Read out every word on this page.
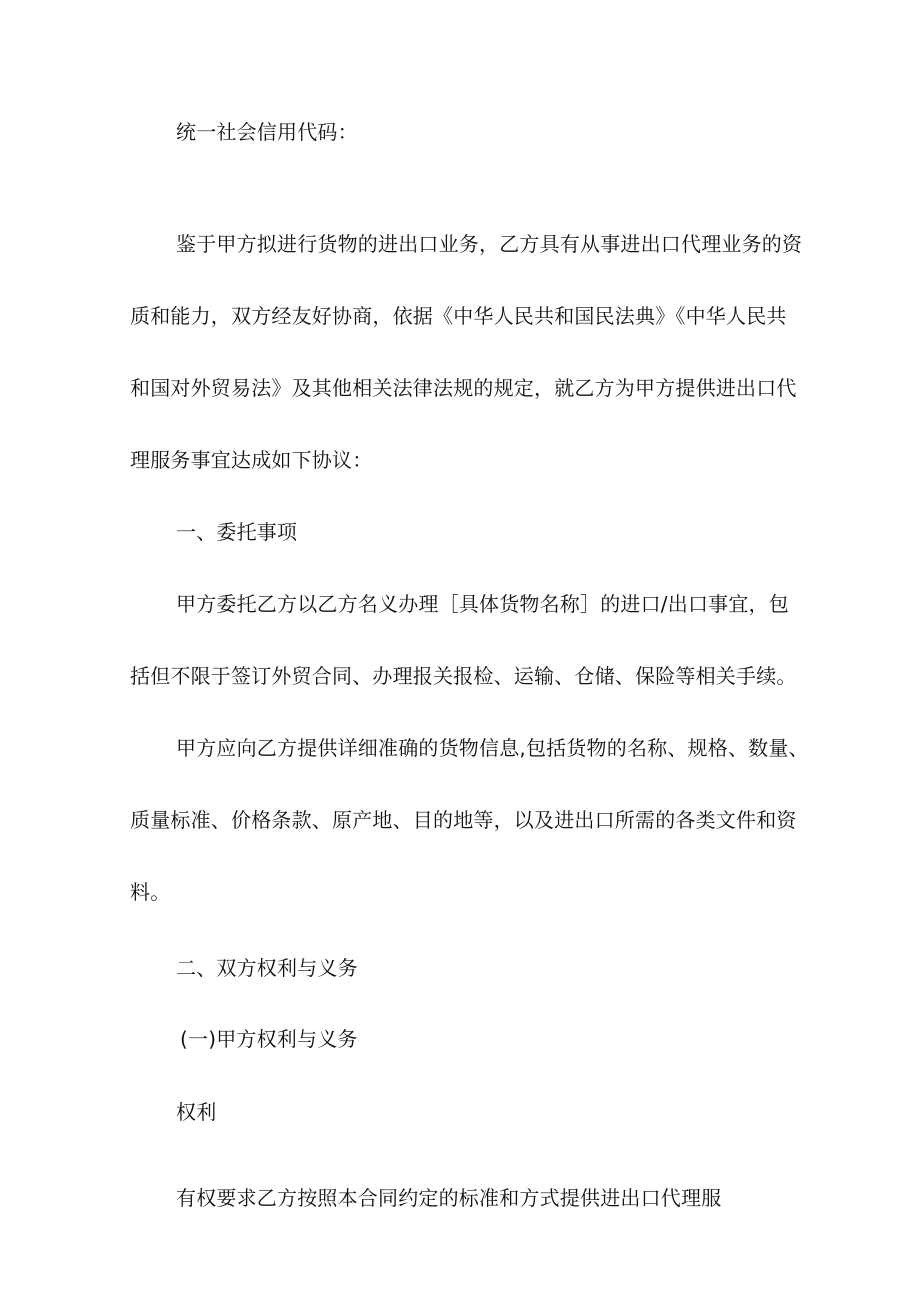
统一社会信用代码：
鉴于甲方拟进行货物的进出口业务，乙方具有从事进出口代理业务的资
质和能力，双方经友好协商，依据《中华人民共和国民法典》《中华人民共
和国对外贸易法》及其他相关法律法规的规定，就乙方为甲方提供进出口代
理服务事宜达成如下协议：
一、委托事项
甲方委托乙方以乙方名义办理［具体货物名称］的进口/出口事宜，包
括但不限于签订外贸合同、办理报关报检、运输、仓储、保险等相关手续。
甲方应向乙方提供详细准确的货物信息,包括货物的名称、规格、数量、
质量标准、价格条款、原产地、目的地等，以及进出口所需的各类文件和资
料。
二、双方权利与义务
(一)甲方权利与义务
权利
有权要求乙方按照本合同约定的标准和方式提供进出口代理服
